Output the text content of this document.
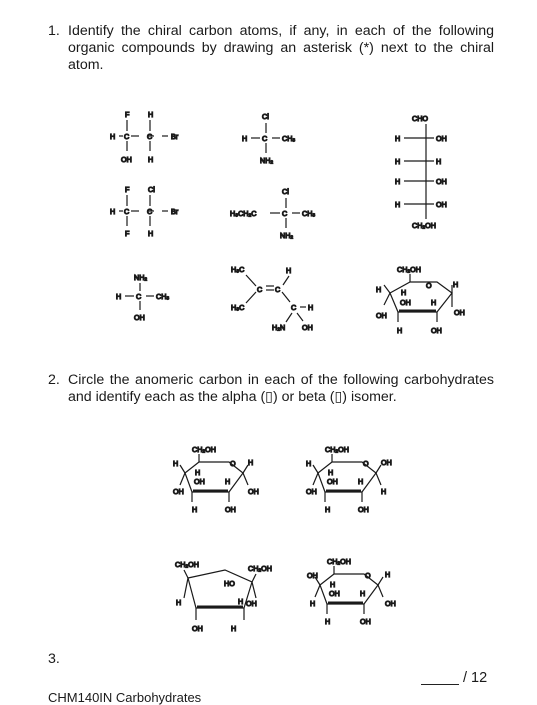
1. Identify the chiral carbon atoms, if any, in each of the following organic compounds by drawing an asterisk (*) next to the chiral atom.
2. Circle the anomeric carbon in each of the following carbohydrates and identify each as the alpha (▯) or beta (▯) isomer.
3.
/ 12
CHM140IN Carbohydrates
H C C	Br
F	H
OH H
H C CH₃
Cl
NH₂
CHO
H	OH
H	H
H	OH
H	OH
CH₂OH
H C C	Br
F	Cl
F	H
H₃CH₂C	C CH₃
Cl
NH₂
H C CH₃
NH₂
OH
H₃C	H
C C
H₃C	C H
H₂N OH
CH₂OH
O	H
H	H
OH	H
OH
OH
H	OH
CH₂OH
O H
H
H
OH	H
OH
OH
H	OH
CH₂OH
O OH
H
H
OH	H
H
OH
H	OH
CH₂OH	CH₂OH
HO
H	H OH
OH	H
CH₂OH
O H
OH
H
OH	H
OH
H
H	OH
